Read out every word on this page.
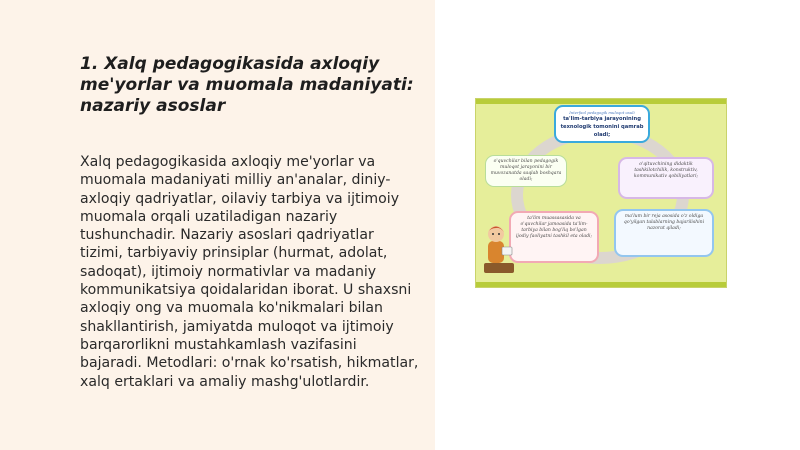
1. Xalq pedagogikasida axloqiy me'yorlar va muomala madaniyati: nazariy asoslar
Xalq pedagogikasida axloqiy me'yorlar va muomala madaniyati milliy an'analar, diniy-axloqiy qadriyatlar, oilaviy tarbiya va ijtimoiy muomala orqali uzatiladigan nazariy tushunchadir. Nazariy asoslari qadriyatlar tizimi, tarbiyaviy prinsiplar (hurmat, adolat, sadoqat), ijtimoiy normativlar va madaniy kommunikatsiya qoidalaridan iborat. U shaxsni axloqiy ong va muomala ko'nikmalari bilan shakllantirish, jamiyatda muloqot va ijtimoiy barqarorlikni mustahkamlash vazifasini bajaradi. Metodlari: o'rnak ko'rsatish, hikmatlar, xalq ertaklari va amaliy mashg'ulotlardir.
Interfaol pedagogik muloqot usuli
ta'lim-tarbiya jarayonining texnologik tomonini qamrab oladi;
o'quvchilar bilan pedagogik muloqot jarayonini bir muvozanatda saqlab boshqara oladi;
o'qituvchining didaktik tashkilotchilik, konstruktiv, kommunikativ qobiliyatlari;
ta'lim muassasasida va o'quvchilar jamoasida ta'lim-tarbiya bilan bog'liq bo'lgan ijodiy faoliyatni tashkil eta oladi;
ma'lum bir reja asosida o'z oldiga qo'yilgan talablarning bajarilishini nazorat qiladi;
